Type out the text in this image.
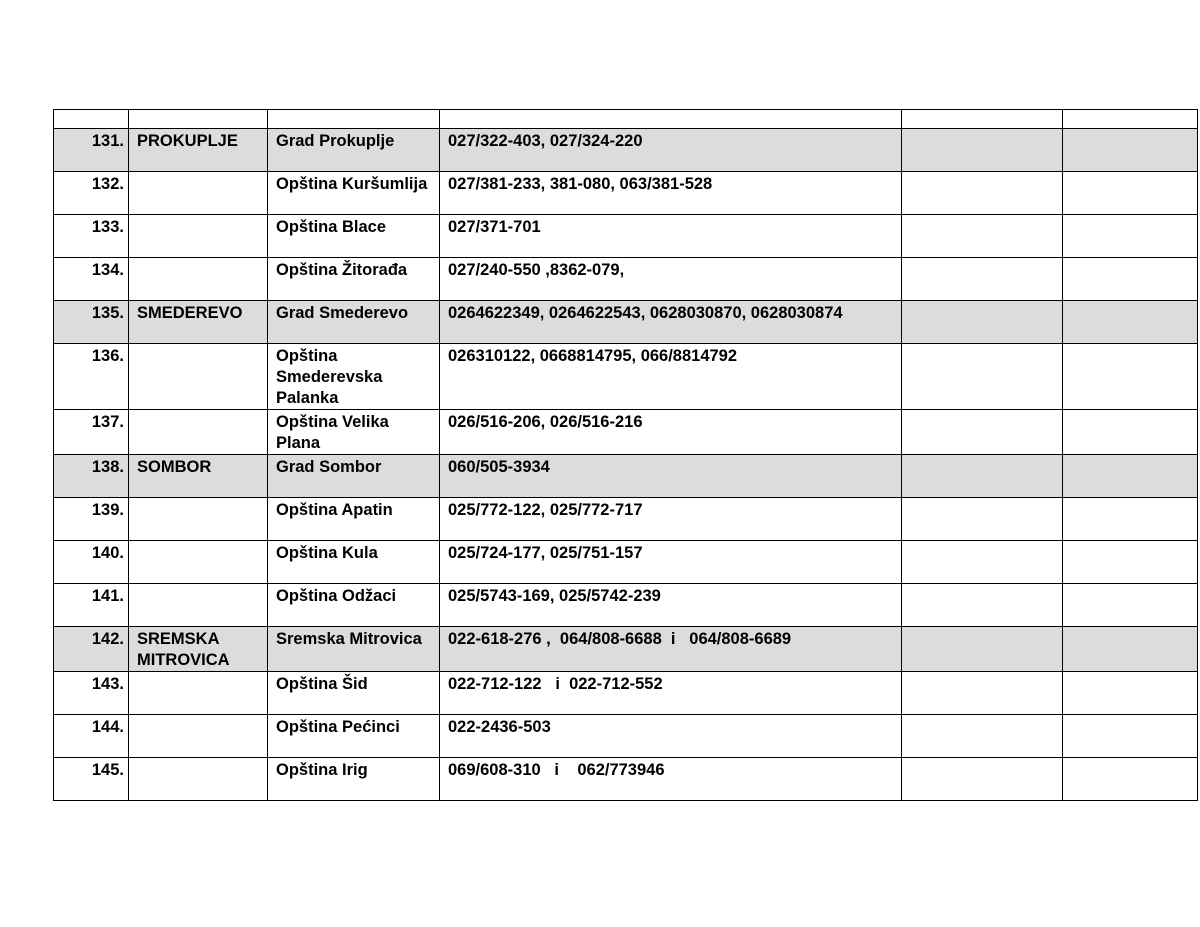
131.	PROKUPLJE	Grad Prokuplje	027/322-403, 027/324-220		
132.		Opština Kuršumlija	027/381-233, 381-080, 063/381-528		
133.		Opština Blace	027/371-701		
134.		Opština Žitorađa	027/240-550 ,8362-079,		
135.	SMEDEREVO	Grad Smederevo	0264622349, 0264622543, 0628030870, 0628030874		
136.		Opština Smederevska Palanka	026310122, 0668814795, 066/8814792		
137.		Opština Velika Plana	026/516-206, 026/516-216		
138.	SOMBOR	Grad Sombor	060/505-3934		
139.		Opština Apatin	025/772-122, 025/772-717		
140.		Opština Kula	025/724-177, 025/751-157		
141.		Opština Odžaci	025/5743-169, 025/5742-239		
142.	SREMSKA MITROVICA	Sremska Mitrovica	022-618-276 ,  064/808-6688  i   064/808-6689		
143.		Opština Šid	022-712-122   i  022-712-552		
144.		Opština Pećinci	022-2436-503		
145.		Opština Irig	069/608-310   i    062/773946		
